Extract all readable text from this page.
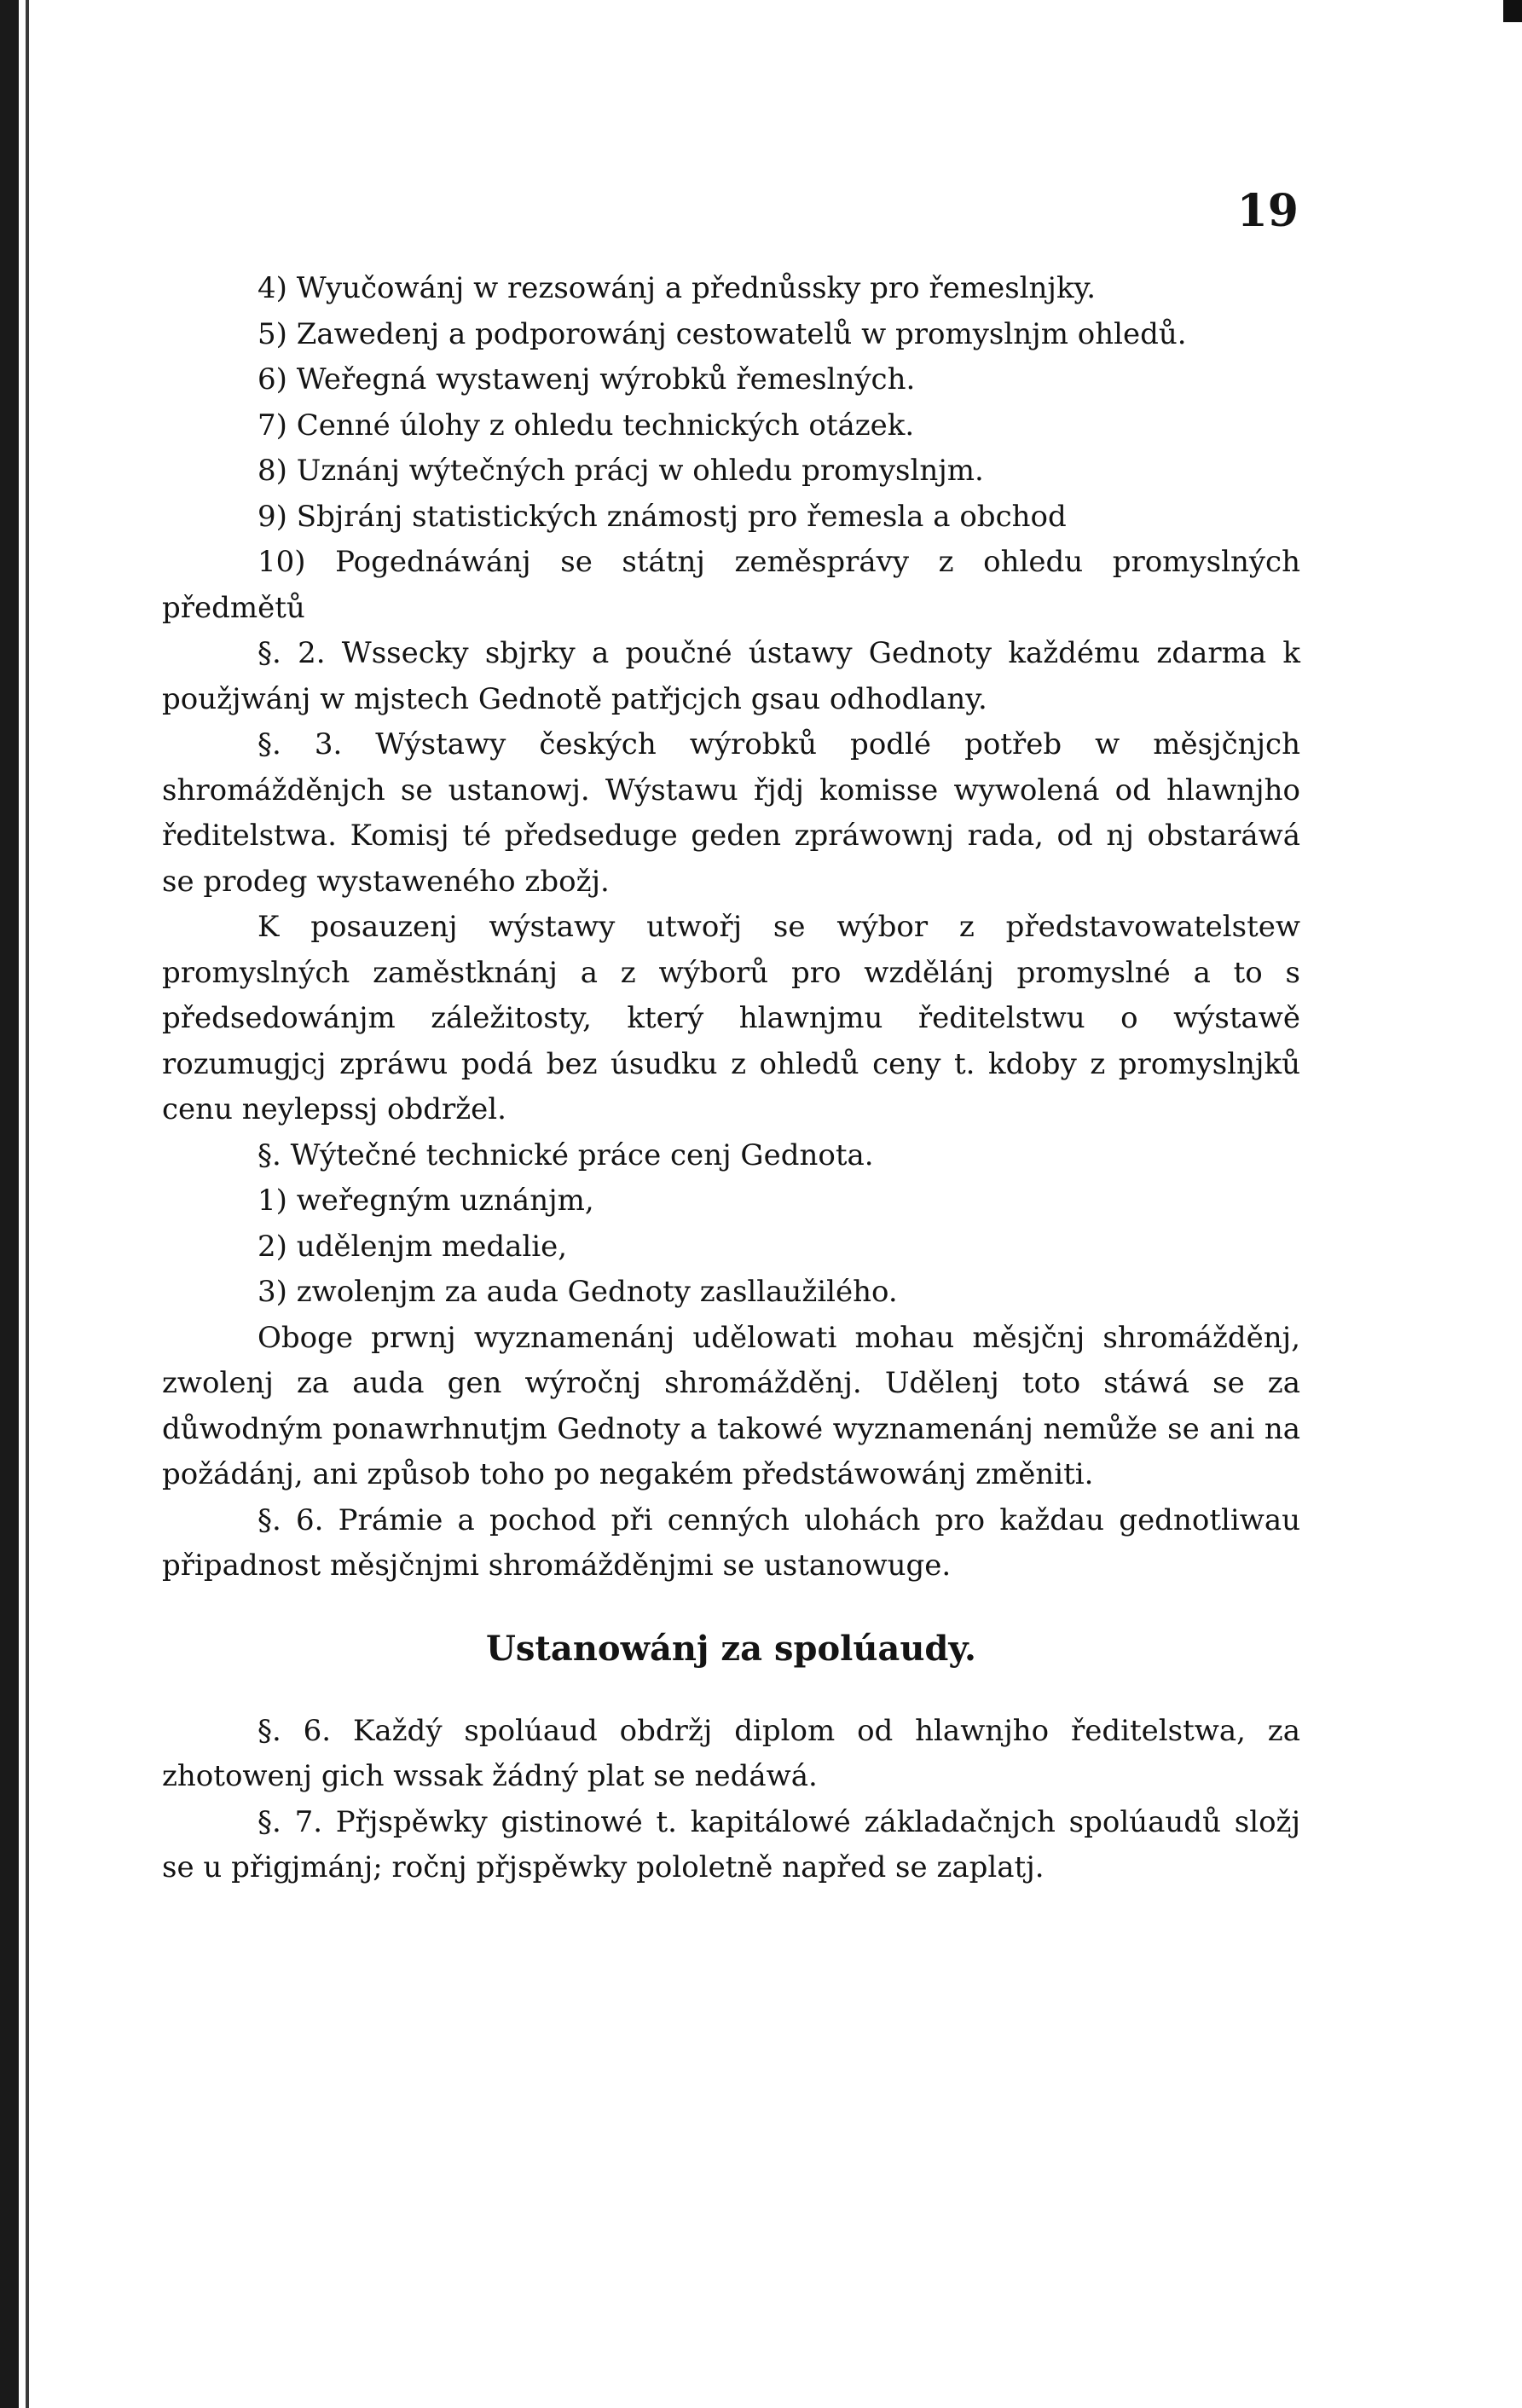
19

4) Wyučowánj w rezsowánj a přednůssky pro řemeslnjky.

5) Zawedenj a podporowánj cestowatelů w promyslnjm ohledů.

6) Weřegná wystawenj wýrobků řemeslných.

7) Cenné úlohy z ohledu technických otázek.

8) Uznánj wýtečných prácj w ohledu promyslnjm.

9) Sbjránj statistických známostj pro řemesla a obchod

10) Pogednáwánj se státnj zeměsprávy z ohledu promyslných předmětů

§. 2. Wssecky sbjrky a poučné ústawy Gednoty každému zdarma k použjwánj w mjstech Gednotě patřjcjch gsau odhodlany.

§. 3. Wýstawy českých wýrobků podlé potřeb w měsjčnjch shromážděnjch se ustanowj. Wýstawu řjdj komisse wywolená od hlawnjho ředitelstwa. Komisj té předseduge geden zpráwownj rada, od nj obstaráwá se prodeg wystaweného zbožj.

K posauzenj wýstawy utwořj se wýbor z představowatelstew promyslných zaměstknánj a z wýborů pro wzdělánj promyslné a to s předsedowánjm záležitosty, který hlawnjmu ředitelstwu o wýstawě rozumugjcj zpráwu podá bez úsudku z ohledů ceny t. kdoby z promyslnjků cenu neylepssj obdržel.

§. Wýtečné technické práce cenj Gednota.

1) weřegným uznánjm,

2) udělenjm medalie,

3) zwolenjm za auda Gednoty zasllaužilého.

Oboge prwnj wyznamenánj udělowati mohau měsjčnj shromážděnj, zwolenj za auda gen wýročnj shromážděnj. Udělenj toto stáwá se za důwodným ponawrhnutjm Gednoty a takowé wyznamenánj nemůže se ani na požádánj, ani způsob toho po negakém předstáwowánj změniti.

§. 6. Prámie a pochod při cenných ulohách pro každau gednotliwau připadnost měsjčnjmi shromážděnjmi se ustanowuge.

Ustanowánj za spolúaudy.

§. 6. Každý spolúaud obdržj diplom od hlawnjho ředitelstwa, za zhotowenj gich wssak žádný plat se nedáwá.

§. 7. Přjspěwky gistinowé t. kapitálowé základačnjch spolúaudů složj se u přigjmánj; ročnj přjspěwky pololetně napřed se zaplatj.
